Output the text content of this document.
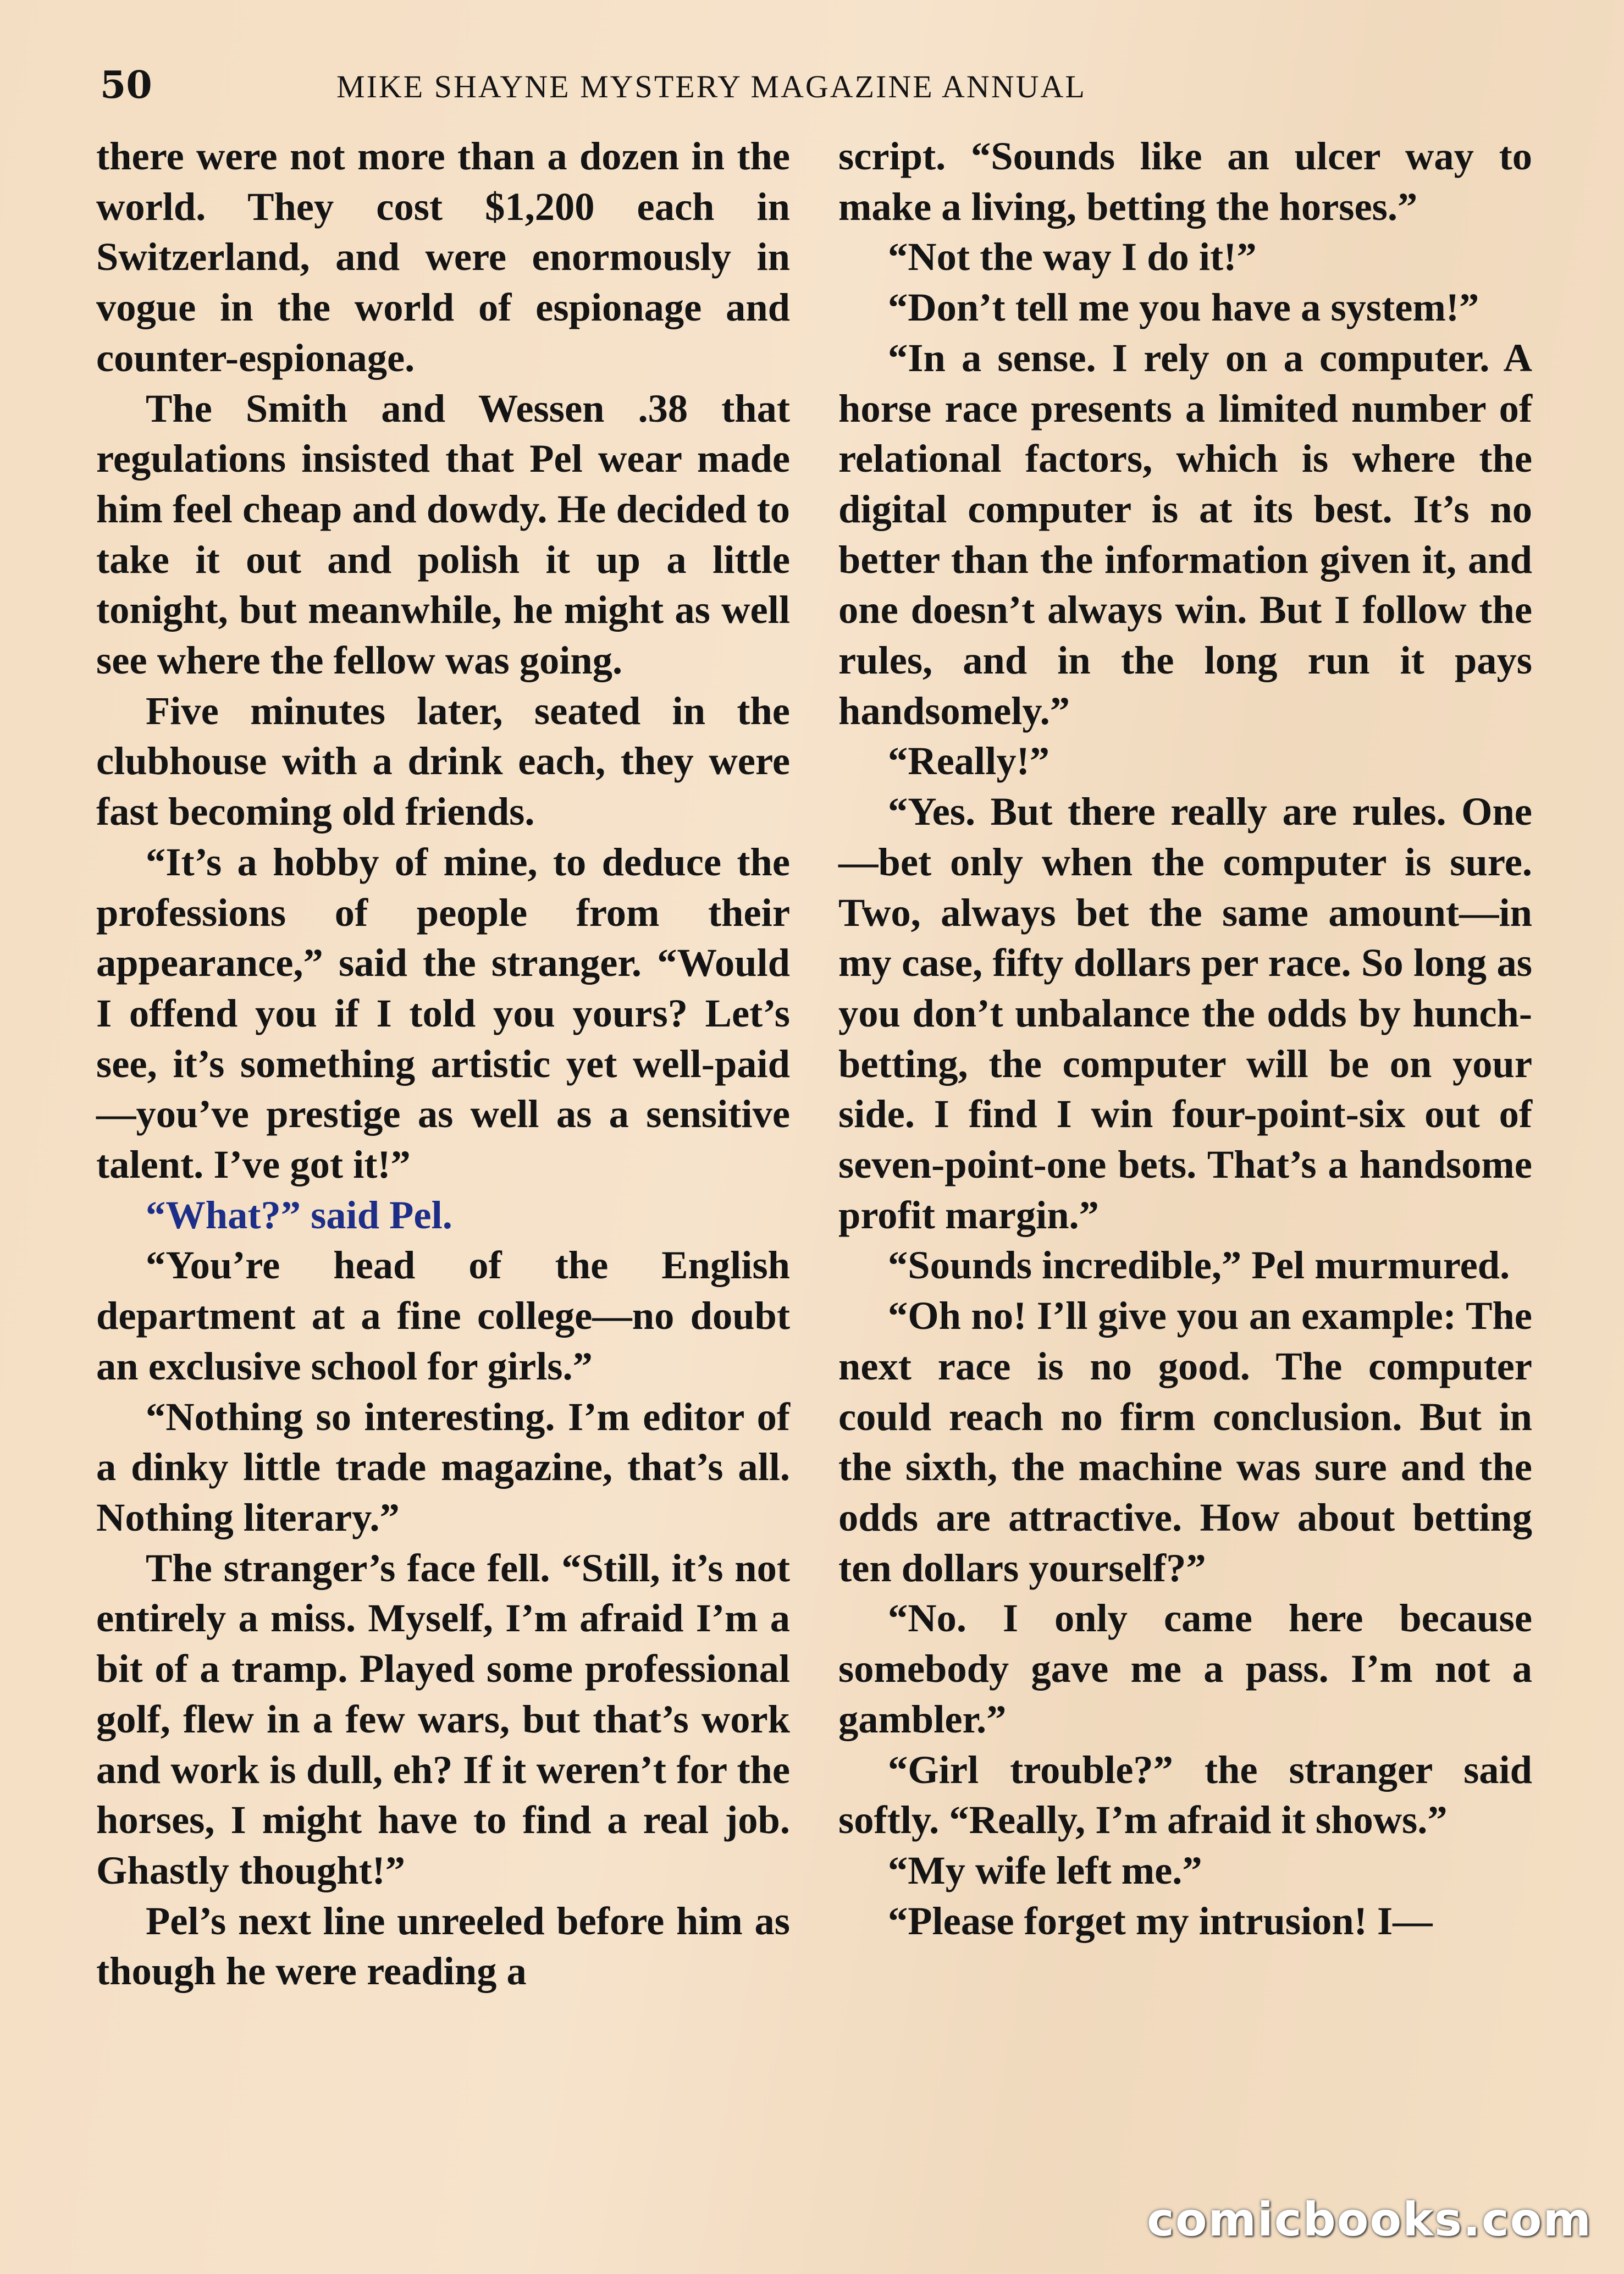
50	MIKE SHAYNE MYSTERY MAGAZINE ANNUAL

there were not more than a dozen in the world. They cost $1,200 each in Switzerland, and were enormously in vogue in the world of espionage and counter-espionage.

The Smith and Wessen .38 that regulations insisted that Pel wear made him feel cheap and dowdy. He decided to take it out and polish it up a little tonight, but meanwhile, he might as well see where the fellow was going.

Five minutes later, seated in the clubhouse with a drink each, they were fast becoming old friends.

“It’s a hobby of mine, to deduce the professions of people from their appearance,” said the stranger. “Would I offend you if I told you yours? Let’s see, it’s something artistic yet well-paid—you’ve prestige as well as a sensitive talent. I’ve got it!”

“What?” said Pel.

“You’re head of the English department at a fine college—no doubt an exclusive school for girls.”

“Nothing so interesting. I’m editor of a dinky little trade magazine, that’s all. Nothing literary.”

The stranger’s face fell. “Still, it’s not entirely a miss. Myself, I’m afraid I’m a bit of a tramp. Played some professional golf, flew in a few wars, but that’s work and work is dull, eh? If it weren’t for the horses, I might have to find a real job. Ghastly thought!”

Pel’s next line unreeled before him as though he were reading a

script. “Sounds like an ulcer way to make a living, betting the horses.”

“Not the way I do it!”

“Don’t tell me you have a system!”

“In a sense. I rely on a computer. A horse race presents a limited number of relational factors, which is where the digital computer is at its best. It’s no better than the information given it, and one doesn’t always win. But I follow the rules, and in the long run it pays handsomely.”

“Really!”

“Yes. But there really are rules. One—bet only when the computer is sure. Two, always bet the same amount—in my case, fifty dollars per race. So long as you don’t unbalance the odds by hunch-betting, the computer will be on your side. I find I win four-point-six out of seven-point-one bets. That’s a handsome profit margin.”

“Sounds incredible,” Pel murmured.

“Oh no! I’ll give you an example: The next race is no good. The computer could reach no firm conclusion. But in the sixth, the machine was sure and the odds are attractive. How about betting ten dollars yourself?”

“No. I only came here because somebody gave me a pass. I’m not a gambler.”

“Girl trouble?” the stranger said softly. “Really, I’m afraid it shows.”

“My wife left me.”

“Please forget my intrusion! I—

comicbooks.com
